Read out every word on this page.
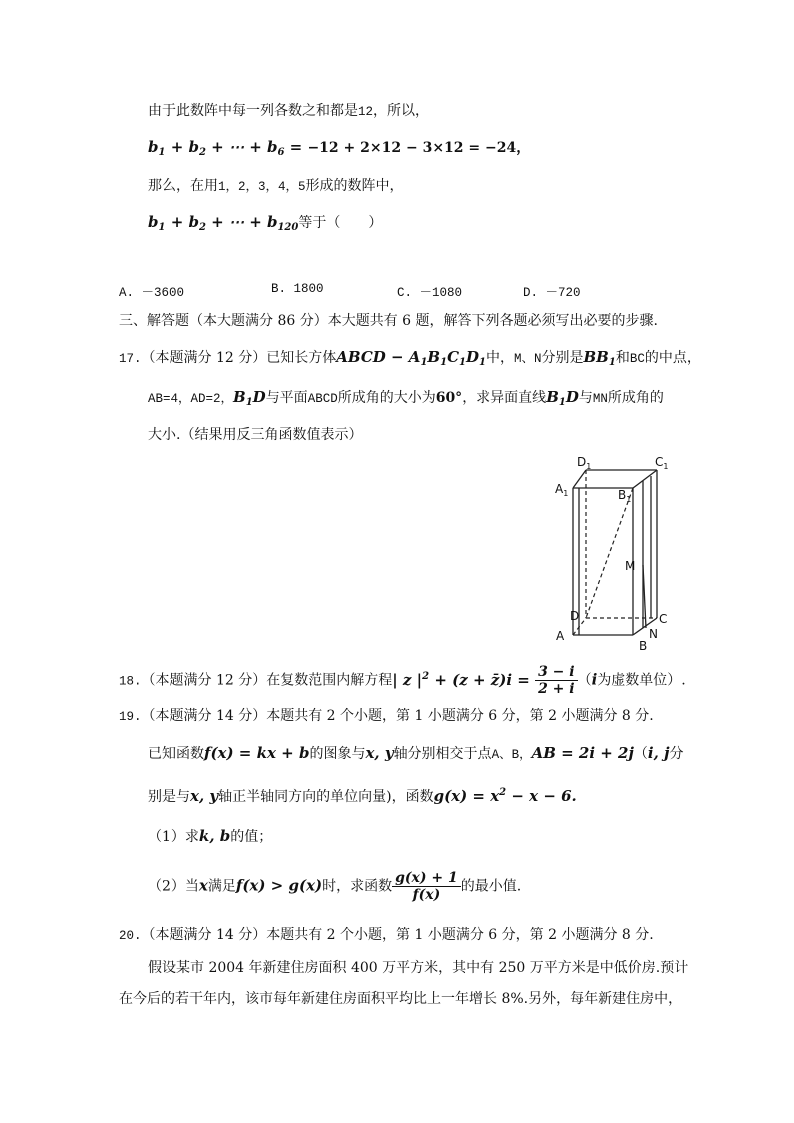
由于此数阵中每一列各数之和都是12，所以，
$b_1 + b_2$ + ⋯ + $b_6 = -12 + 2\times 12 - 3\times 12 = -24$，
那么，在用1，2，3，4，5形成的数阵中，
$b_1 + b_2$ + ⋯ + $b_{120}$等于（　　）
A. －3600	B. 1800	C. －1080	D. －720
三、解答题（本大题满分 86 分）本大题共有 6 题，解答下列各题必须写出必要的步骤.
17.（本题满分 12 分）已知长方体ABCD − $A_1B_1C_1D_1$中，M、N分别是$BB_1$和BC的中点，
AB=4，AD=2，$B_1D$与平面ABCD所成角的大小为60°，求异面直线$B_1D$与MN所成角的
大小.（结果用反三角函数值表示）
$D_1$	$C_1$
$A_1$	$B_1$
M
D	C
A	N
B
18.（本题满分 12 分）在复数范围内解方程| z $|^2 + (z$ + z̄)i = $\frac{3 - i}{2 + i} (i$为虚数单位）.
19.（本题满分 14 分）本题共有 2 个小题，第 1 小题满分 6 分，第 2 小题满分 8 分.
已知函数f(x) = kx + b的图象与x, y轴分别相交于点A、B，AB = 2i + 2j（i, j分
别是与x, y轴正半轴同方向的单位向量)，函数$g(x) = x^2 - x - 6$.
（1）求k, b的值；
（2）当x满足f(x) > g(x)时，求函数 $\frac{g(x) + 1}{f(x)}$ 的最小值.
20.（本题满分 14 分）本题共有 2 个小题，第 1 小题满分 6 分，第 2 小题满分 8 分.
假设某市 2004 年新建住房面积 400 万平方米，其中有 250 万平方米是中低价房.预计
在今后的若干年内，该市每年新建住房面积平均比上一年增长 8%.另外，每年新建住房中，
